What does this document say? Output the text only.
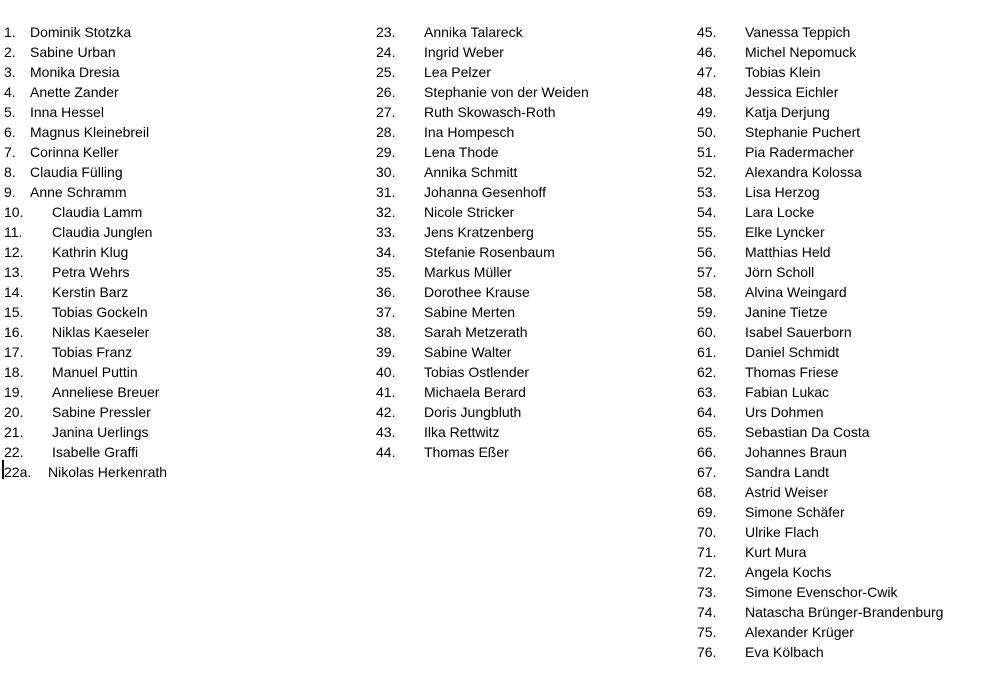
1. Dominik Stotzka
2. Sabine Urban
3. Monika Dresia
4. Anette Zander
5. Inna Hessel
6. Magnus Kleinebreil
7. Corinna Keller
8. Claudia Fülling
9. Anne Schramm
10. Claudia Lamm
11. Claudia Junglen
12. Kathrin Klug
13. Petra Wehrs
14. Kerstin Barz
15. Tobias Gockeln
16. Niklas Kaeseler
17. Tobias Franz
18. Manuel Puttin
19. Anneliese Breuer
20. Sabine Pressler
21. Janina Uerlings
22. Isabelle Graffi
22a. Nikolas Herkenrath
23. Annika Talareck
24. Ingrid Weber
25. Lea Pelzer
26. Stephanie von der Weiden
27. Ruth Skowasch-Roth
28. Ina Hompesch
29. Lena Thode
30. Annika Schmitt
31. Johanna Gesenhoff
32. Nicole Stricker
33. Jens Kratzenberg
34. Stefanie Rosenbaum
35. Markus Müller
36. Dorothee Krause
37. Sabine Merten
38. Sarah Metzerath
39. Sabine Walter
40. Tobias Ostlender
41. Michaela Berard
42. Doris Jungbluth
43. Ilka Rettwitz
44. Thomas Eßer
45. Vanessa Teppich
46. Michel Nepomuck
47. Tobias Klein
48. Jessica Eichler
49. Katja Derjung
50. Stephanie Puchert
51. Pia Radermacher
52. Alexandra Kolossa
53. Lisa Herzog
54. Lara Locke
55. Elke Lyncker
56. Matthias Held
57. Jörn Scholl
58. Alvina Weingard
59. Janine Tietze
60. Isabel Sauerborn
61. Daniel Schmidt
62. Thomas Friese
63. Fabian Lukac
64. Urs Dohmen
65. Sebastian Da Costa
66. Johannes Braun
67. Sandra Landt
68. Astrid Weiser
69. Simone Schäfer
70. Ulrike Flach
71. Kurt Mura
72. Angela Kochs
73. Simone Evenschor-Cwik
74. Natascha Brünger-Brandenburg
75. Alexander Krüger
76. Eva Kölbach
